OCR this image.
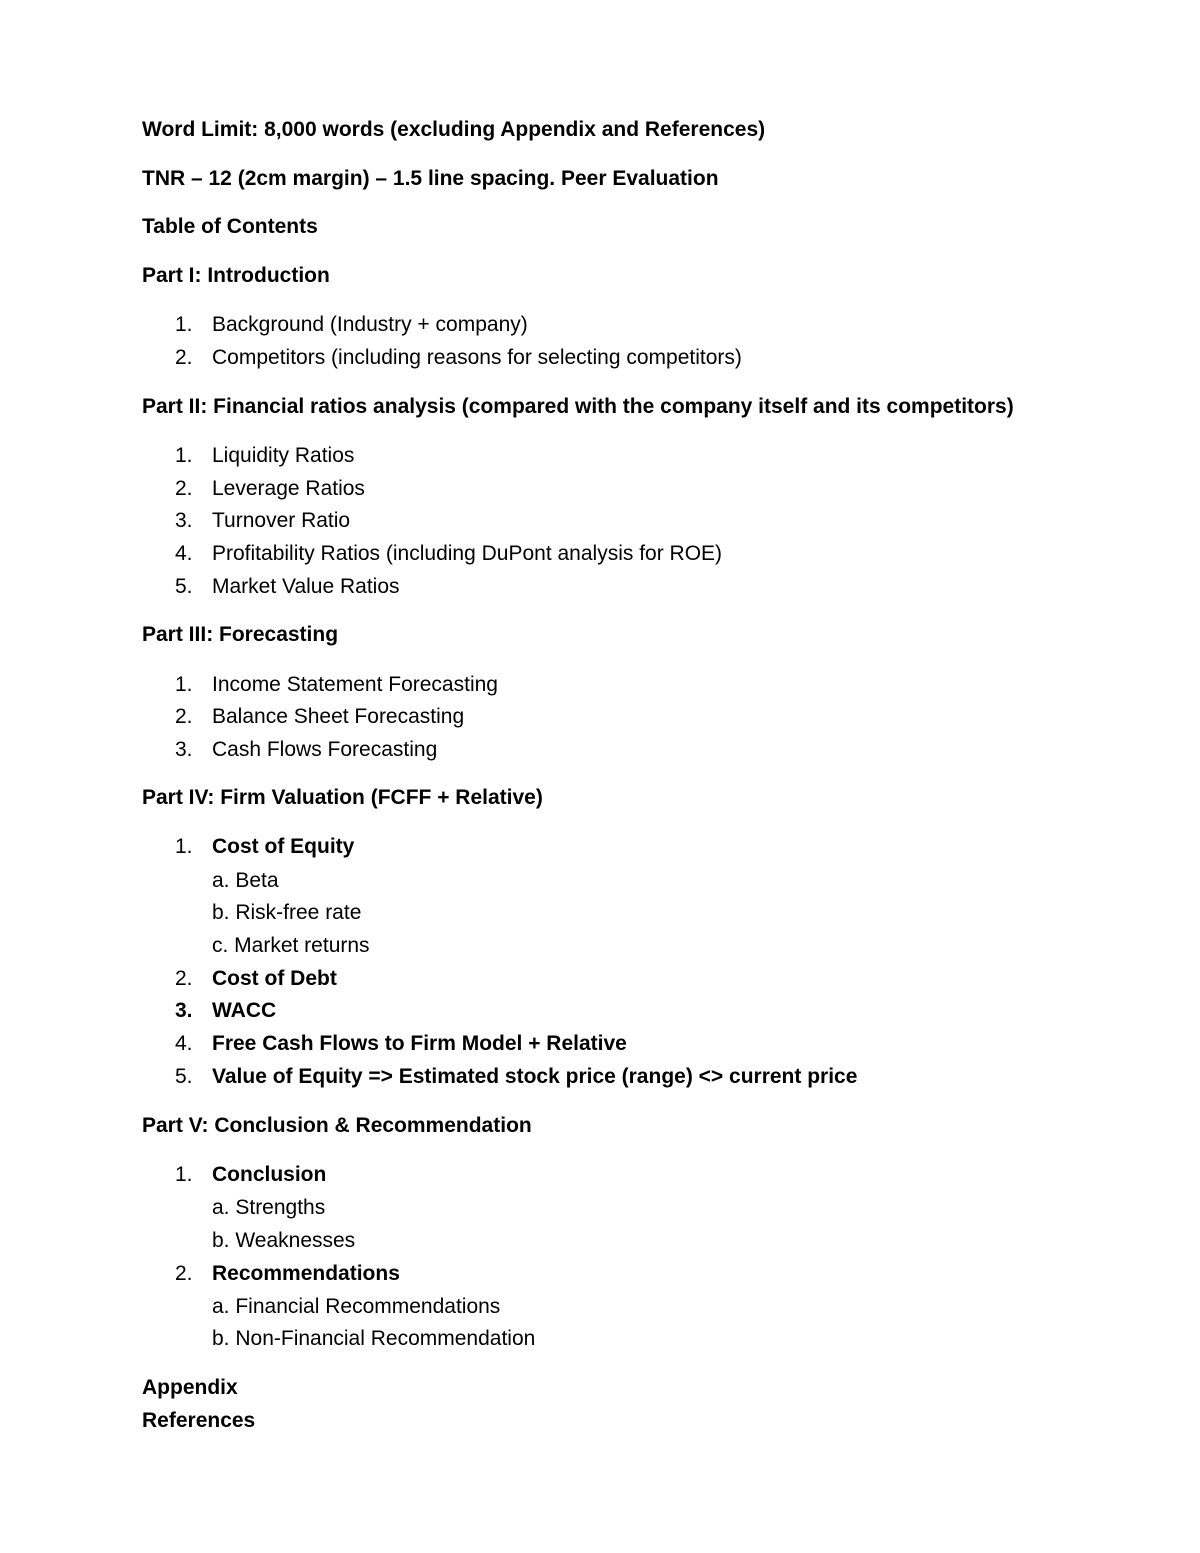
Word Limit: 8,000 words (excluding Appendix and References)
TNR – 12 (2cm margin) – 1.5 line spacing. Peer Evaluation
Table of Contents
Part I: Introduction
1. Background (Industry + company)
2. Competitors (including reasons for selecting competitors)
Part II: Financial ratios analysis (compared with the company itself and its competitors)
1. Liquidity Ratios
2. Leverage Ratios
3. Turnover Ratio
4. Profitability Ratios (including DuPont analysis for ROE)
5. Market Value Ratios
Part III: Forecasting
1. Income Statement Forecasting
2. Balance Sheet Forecasting
3. Cash Flows Forecasting
Part IV: Firm Valuation (FCFF + Relative)
1. Cost of Equity
a. Beta
b. Risk-free rate
c. Market returns
2. Cost of Debt
3. WACC
4. Free Cash Flows to Firm Model + Relative
5. Value of Equity => Estimated stock price (range) <> current price
Part V: Conclusion & Recommendation
1. Conclusion
a. Strengths
b. Weaknesses
2. Recommendations
a. Financial Recommendations
b. Non-Financial Recommendation
Appendix
References
